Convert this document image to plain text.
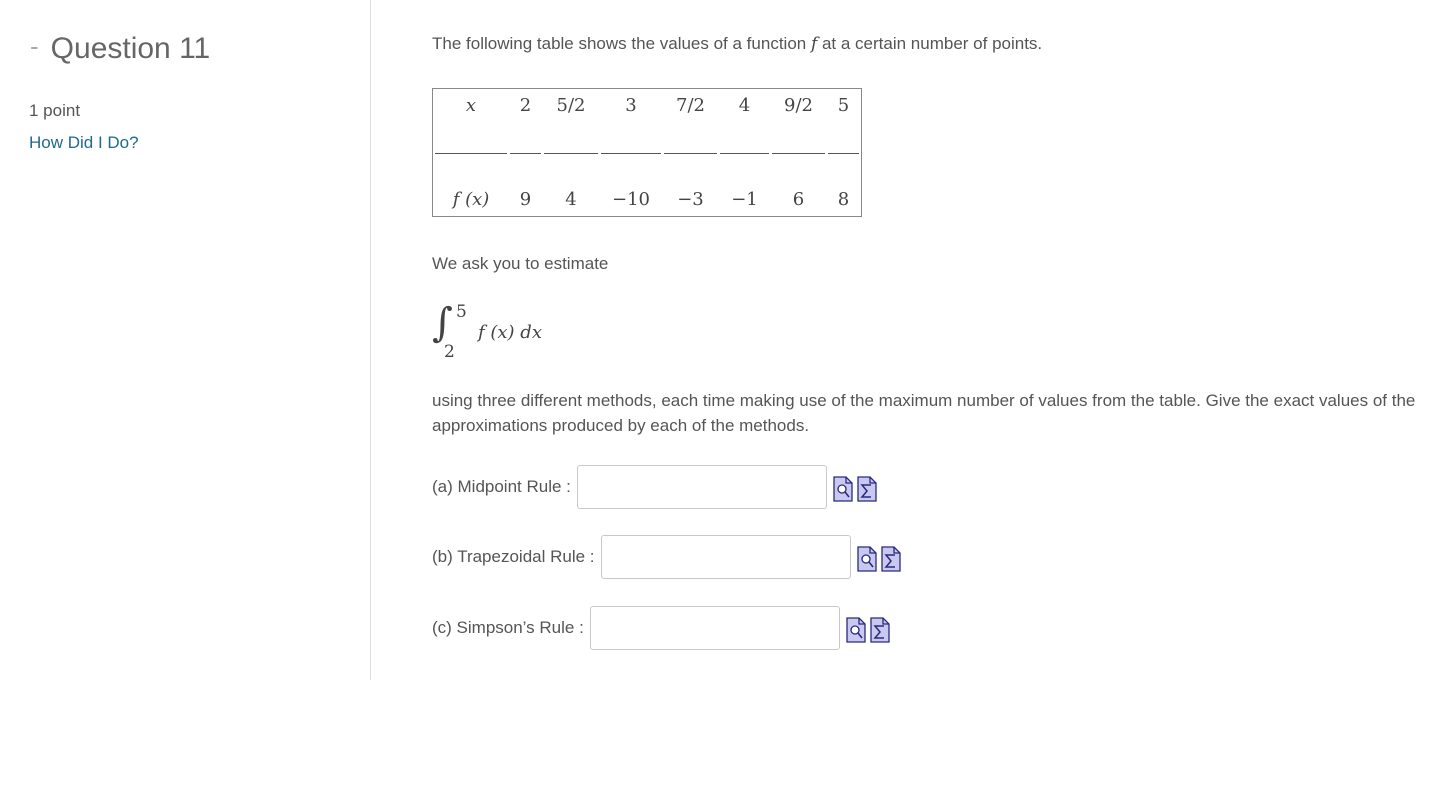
- Question 11
1 point
How Did I Do?
The following table shows the values of a function f at a certain number of points.
x	2	5/2	3	7/2	4	9/2	5
f (x)	9	4	−10	−3	−1	6	8
We ask you to estimate
∫ 5
2
f (x) dx
using three different methods, each time making use of the maximum number of values from the table. Give the exact values of the approximations produced by each of the methods.
(a) Midpoint Rule :
(b) Trapezoidal Rule :
(c) Simpson’s Rule :
